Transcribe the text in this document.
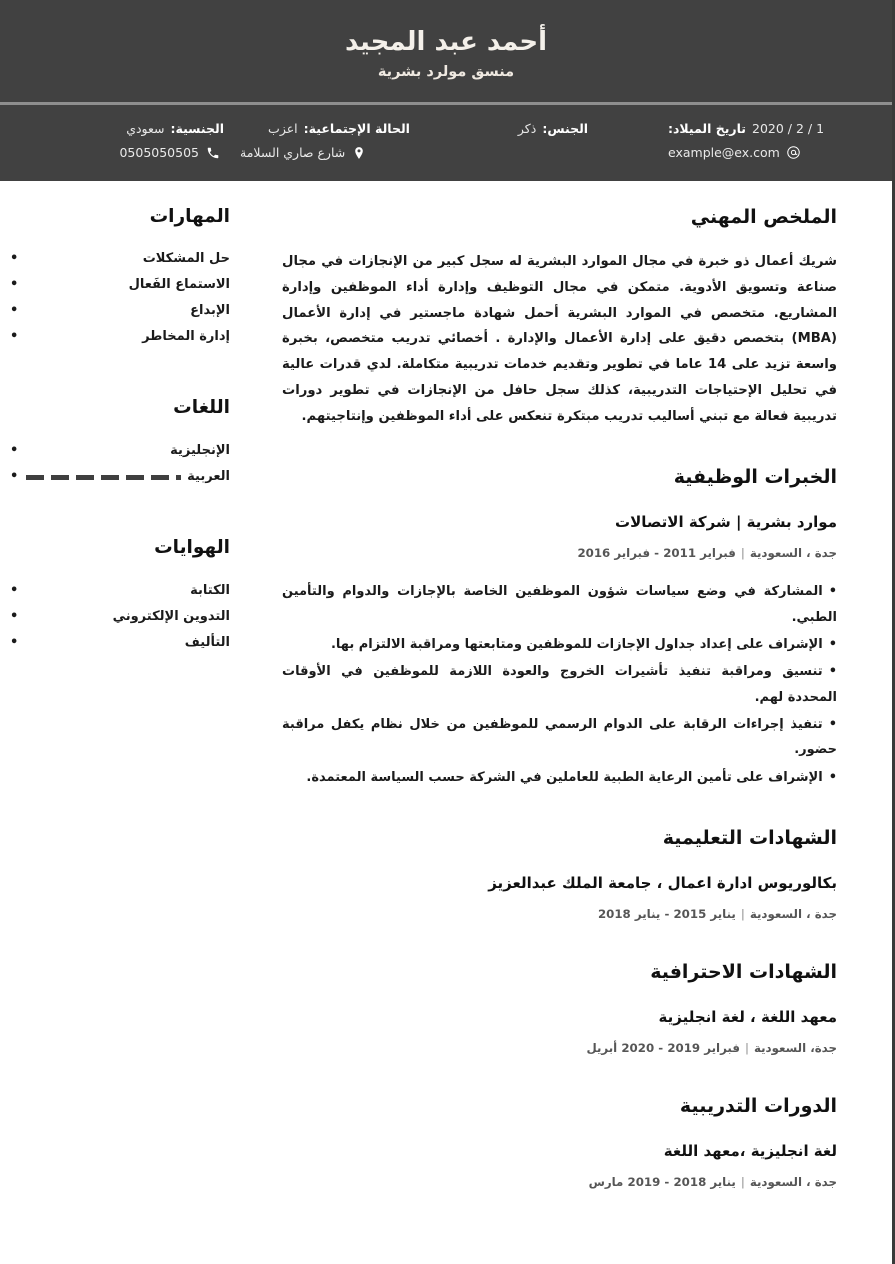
أحمد عبد المجيد
منسق مولرد بشرية
2020 / 2 / 1
تاريخ الميلاد:
example@ex.com
الجنس:
ذكر
الحالة الإجتماعية:
اعزب
شارع صاري السلامة
الجنسية:
سعودي
0505050505
الملخص المهني

شريك أعمال ذو خبرة في مجال الموارد البشرية له سجل كبير من الإنجازات في مجال صناعة وتسويق الأدوية. متمكن في مجال التوظيف وإدارة أداء الموظفين وإدارة المشاريع. متخصص في الموارد البشرية أحمل شهادة ماجستير في إدارة الأعمال (MBA) بتخصص دقيق على إدارة الأعمال والإدارة . أخصائي تدريب متخصص، بخبرة واسعة تزيد على 14 عاما في تطوير وتقديم خدمات تدريبية متكاملة. لدي قدرات عالية في تحليل الإحتياجات التدريبية، كذلك سجل حافل من الإنجازات في تطوير دورات تدريبية فعالة مع تبني أساليب تدريب مبتكرة تنعكس على أداء الموظفين وإنتاجيتهم.

الخبرات الوظيفية
موارد بشرية | شركة الاتصالات
جدة ، السعودية|فبراير 2011 - فبراير 2016
•المشاركة في وضع سياسات شؤون الموظفين الخاصة بالإجازات والدوام والتأمين الطبي.
•الإشراف على إعداد جداول الإجازات للموظفين ومتابعتها ومراقبة الالتزام بها.
•تنسيق ومراقبة تنفيذ تأشيرات الخروج والعودة اللازمة للموظفين في الأوقات المحددة لهم.
•تنفيذ إجراءات الرقابة على الدوام الرسمي للموظفين من خلال نظام يكفل مراقبة حضور.
•الإشراف على تأمين الرعاية الطبية للعاملين في الشركة حسب السياسة المعتمدة.
الشهادات التعليمية
بكالوريوس ادارة اعمال ، جامعة الملك عبدالعزيز
جدة ، السعودية|يناير 2015 - يناير 2018
الشهادات الاحترافية
معهد اللغة ، لغة انجليزية
جدة، السعودية|فبراير 2019 - 2020 أبريل
الدورات التدريبية
لغة انجليزية ،معهد اللغة
جدة ، السعودية|يناير 2018 - 2019 مارس
المهارات
حل المشكلات •
الاستماع الفَعال •
الإبداع •
إدارة المخاطر •
اللغات
الإنجليزية •
العربية
•
الهوايات
الكتابة •
التدوين الإلكتروني •
التأليف •
